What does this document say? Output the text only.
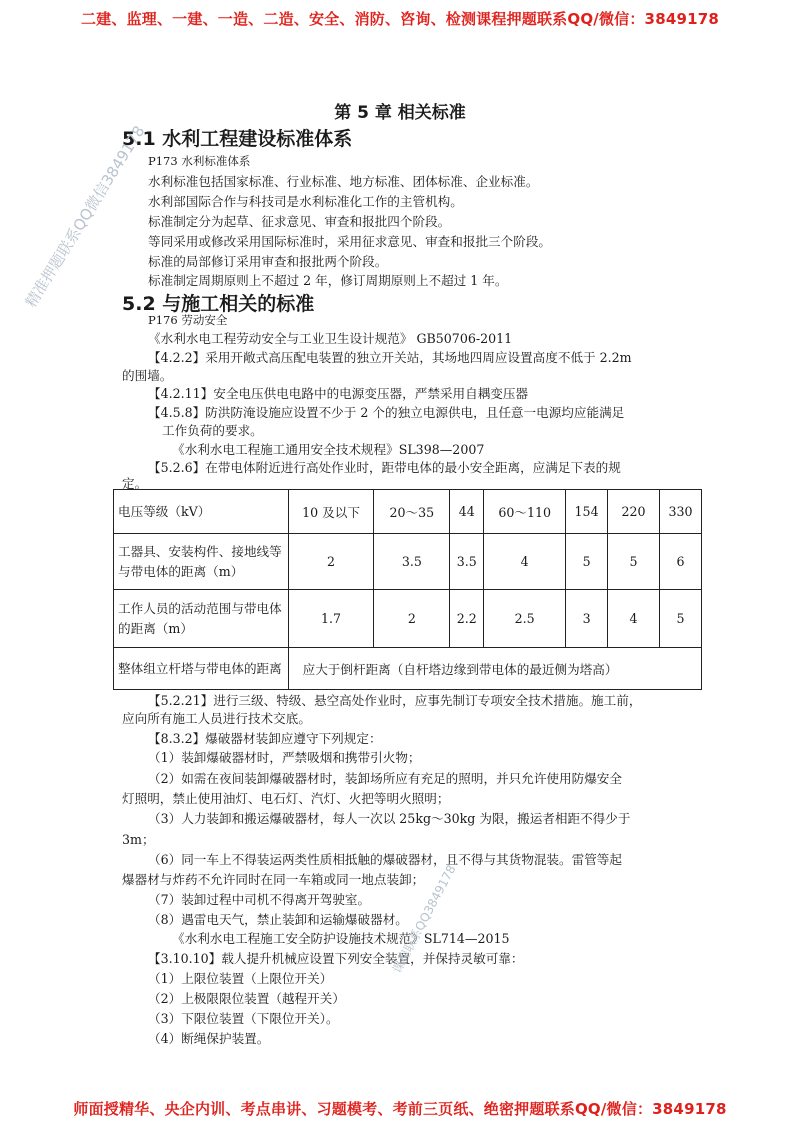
二建、监理、一建、一造、二造、安全、消防、咨询、检测课程押题联系QQ/微信：3849178
第 5 章 相关标准
5.1 水利工程建设标准体系
P173 水利标准体系
水利标准包括国家标准、行业标准、地方标准、团体标准、企业标准。
水利部国际合作与科技司是水利标准化工作的主管机构。
标准制定分为起草、征求意见、审查和报批四个阶段。
等同采用或修改采用国际标准时，采用征求意见、审查和报批三个阶段。
标准的局部修订采用审查和报批两个阶段。
标准制定周期原则上不超过 2 年，修订周期原则上不超过 1 年。
5.2 与施工相关的标准
P176 劳动安全
《水利水电工程劳动安全与工业卫生设计规范》 GB50706-2011
【4.2.2】采用开敞式高压配电装置的独立开关站，其场地四周应设置高度不低于 2.2m
的围墙。
【4.2.11】安全电压供电电路中的电源变压器，严禁采用自耦变压器
【4.5.8】防洪防淹设施应设置不少于 2 个的独立电源供电，且任意一电源均应能满足
工作负荷的要求。
《水利水电工程施工通用安全技术规程》SL398—2007
【5.2.6】在带电体附近进行高处作业时，距带电体的最小安全距离，应满足下表的规
定。
电压等级（kV）	10 及以下	20～35	44	60～110	154	220	330
工器具、安装构件、接地线等与带电体的距离（m）	2	3.5	3.5	4	5	5	6
工作人员的活动范围与带电体的距离（m）	1.7	2	2.2	2.5	3	4	5
整体组立杆塔与带电体的距离	应大于倒杆距离（自杆塔边缘到带电体的最近侧为塔高）						
【5.2.21】进行三级、特级、悬空高处作业时，应事先制订专项安全技术措施。施工前，
应向所有施工人员进行技术交底。
【8.3.2】爆破器材装卸应遵守下列规定：
（1）装卸爆破器材时，严禁吸烟和携带引火物；
（2）如需在夜间装卸爆破器材时，装卸场所应有充足的照明，并只允许使用防爆安全
灯照明，禁止使用油灯、电石灯、汽灯、火把等明火照明；
（3）人力装卸和搬运爆破器材，每人一次以 25kg～30kg 为限，搬运者相距不得少于
3m；
（6）同一车上不得装运两类性质相抵触的爆破器材，且不得与其货物混装。雷管等起
爆器材与炸药不允许同时在同一车箱或同一地点装卸；
（7）装卸过程中司机不得离开驾驶室。
（8）遇雷电天气，禁止装卸和运输爆破器材。
《水利水电工程施工安全防护设施技术规范》SL714—2015
【3.10.10】载人提升机械应设置下列安全装置，并保持灵敏可靠：
（1）上限位装置（上限位开关）
（2）上极限限位装置（越程开关）
（3）下限位装置（下限位开关）。
（4）断绳保护装置。
精准押题联系QQ微信3849178
课程联系QQ3849178
师面授精华、央企内训、考点串讲、习题模考、考前三页纸、绝密押题联系QQ/微信：3849178
